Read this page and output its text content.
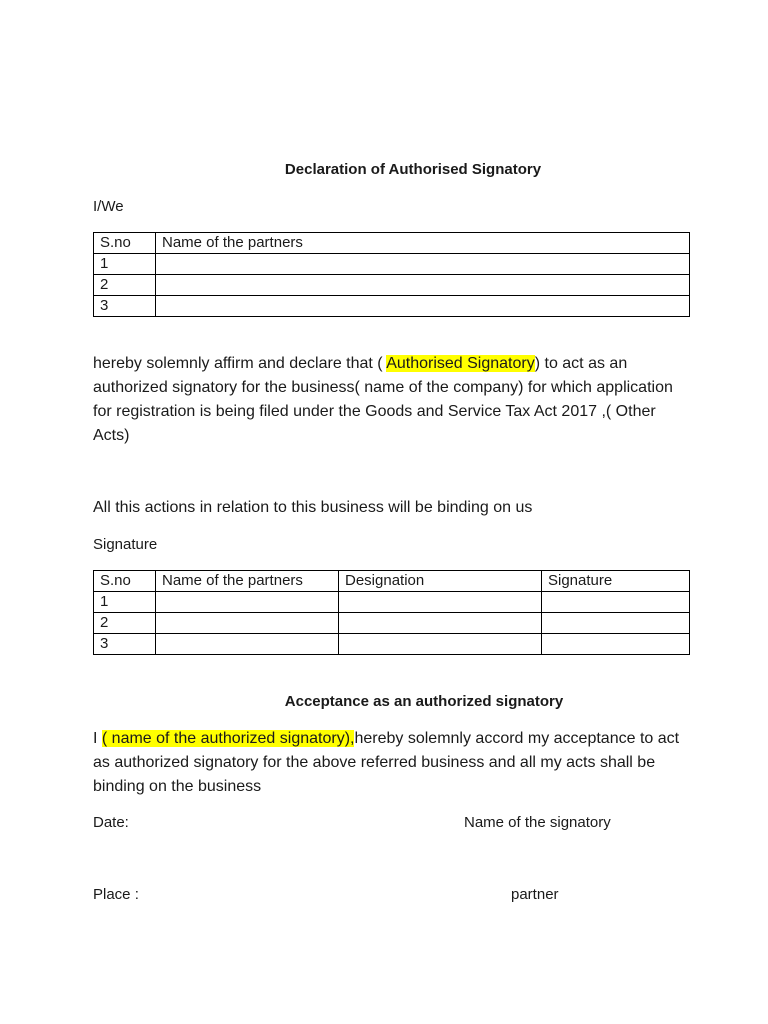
Declaration of Authorised Signatory
I/We
S.no	Name of the partners
1	
2	
3	
hereby solemnly affirm and declare that ( Authorised Signatory) to act as an authorized signatory for the business( name of the company) for which application for registration is being filed under the Goods and Service Tax Act 2017 ,( Other Acts)
All this actions in relation to this business will be binding on us
Signature
S.no	Name of the partners	Designation	Signature
1			
2			
3			
Acceptance as an authorized signatory
I ( name of the authorized signatory),hereby solemnly accord my acceptance to act as authorized signatory for the above referred business and all my acts shall be binding on the business
Date:	Name of the signatory
Place :	partner
